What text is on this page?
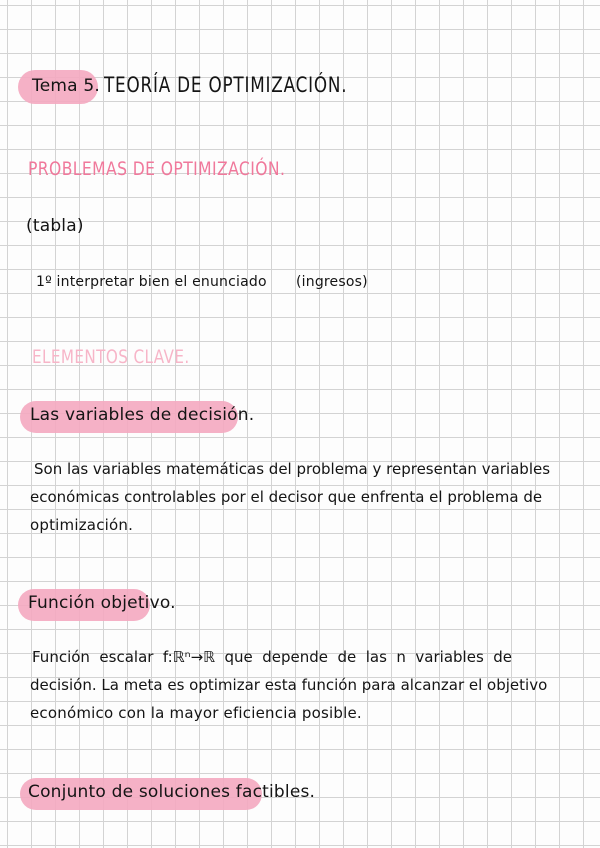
Tema 5. TEORÍA DE OPTIMIZACIÓN.
PROBLEMAS DE OPTIMIZACIÓN.
(tabla)
1º interpretar bien el enunciado (ingresos)
ELEMENTOS CLAVE.
Las variables de decisión.
Son las variables matemáticas del problema y representan variables
económicas controlables por el decisor que enfrenta el problema de
optimización.
Función objetivo.
Función escalar f:ℝⁿ→ℝ que depende de las n variables de
decisión. La meta es optimizar esta función para alcanzar el objetivo
económico con la mayor eficiencia posible.
Conjunto de soluciones factibles.
